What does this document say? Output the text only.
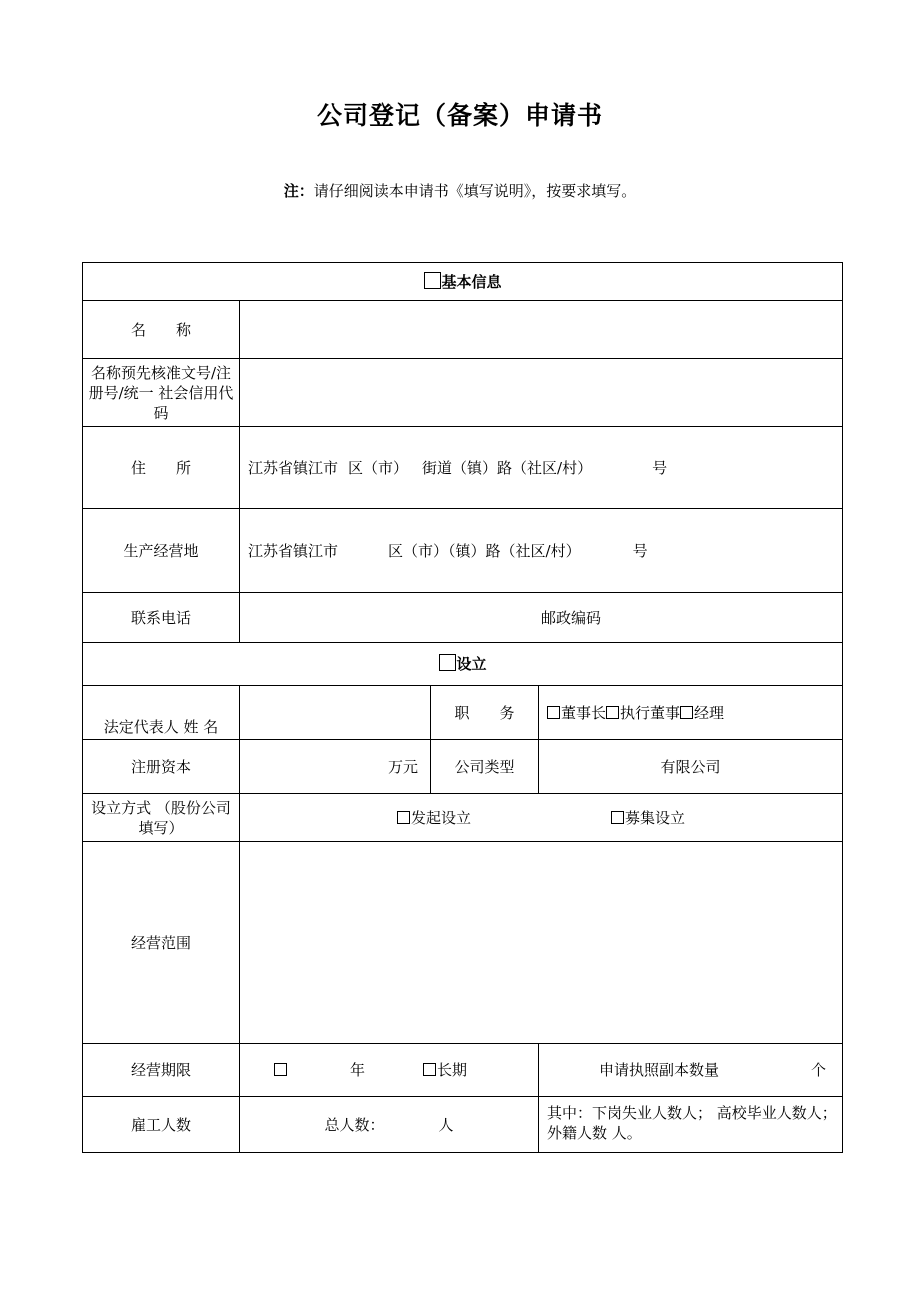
公司登记（备案）申请书
注：请仔细阅读本申请书《填写说明》，按要求填写。
基本信息			
名　　称			
名称预先核准文号/注册号/统一 社会信用代码			
住　　所	江苏省镇江市 区（市） 街道（镇）路（社区/村） 号		
生产经营地	江苏省镇江市 区（市）（镇）路（社区/村） 号		
联系电话	邮政编码		
设立			
法定代表人 姓 名		职　　务	董事长 执行董事 经理
注册资本	万元	公司类型	有限公司
设立方式 （股份公司填写）	发起设立 募集设立		
经营范围			
经营期限	年 长期		申请执照副本数量 个
雇工人数	总人数： 人		其中：下岗失业人数人； 高校毕业人数人；外籍人数 人。
